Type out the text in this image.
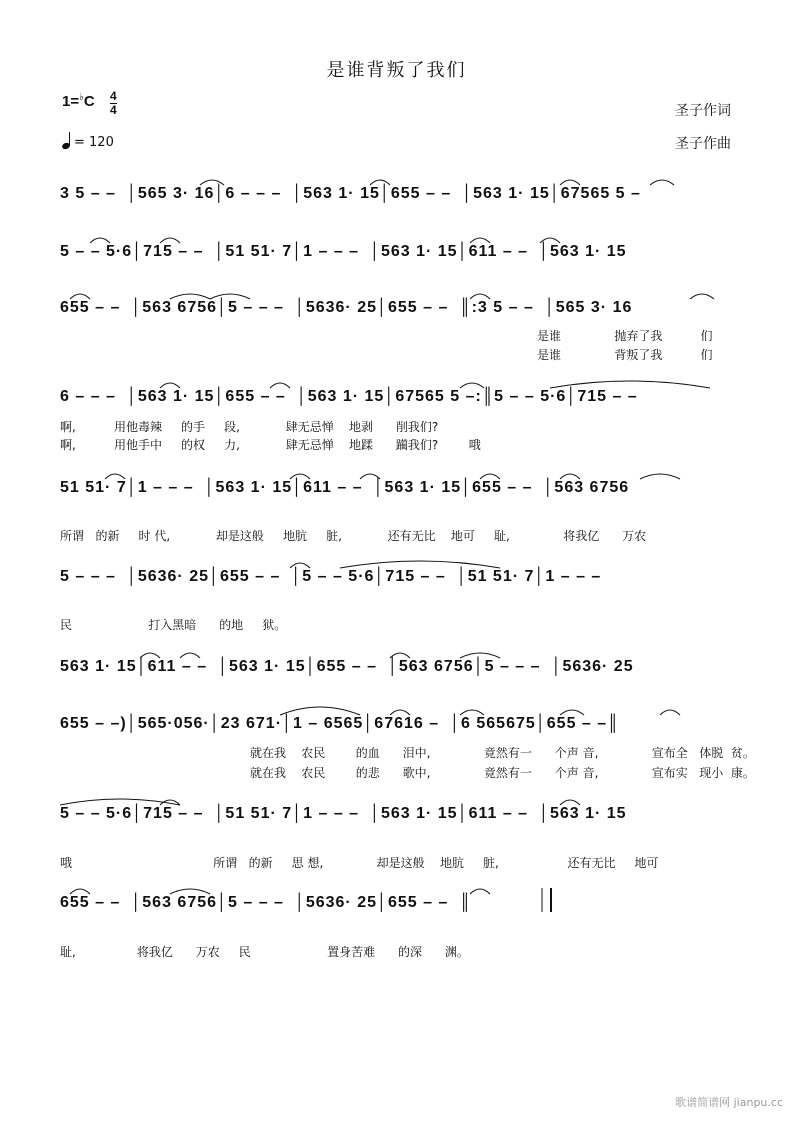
是谁背叛了我们
1=♭C 4
4
= 120
圣子作词
圣子作曲
3 5 – –  │565 3· 16│6 – – –  │563 1· 15│655 – –  │563 1· 15│67565 5 –
5 – – 5·6│715 – –  │51 51· 7│1 – – –  │563 1· 15│611 – –  │563 1· 15
655 – –  │563 6756│5 – – –  │5636· 25│655 – –  ║:3 5 – –  │565 3· 16
6 – – –  │563 1· 15│655 – –  │563 1· 15│67565 5 –:║5 – – 5·6│715 – –
51 51· 7│1 – – –  │563 1· 15│611 – –  │563 1· 15│655 – –  │563 6756
5 – – –  │5636· 25│655 – –  │5 – – 5·6│715 – –  │51 51· 7│1 – – –
563 1· 15│611 – –  │563 1· 15│655 – –  │563 6756│5 – – –  │5636· 25
655 – –)│565·056·│23 671·│1 – 6565│67616 –  │6 565675│655 – –║
5 – – 5·6│715 – –  │51 51· 7│1 – – –  │563 1· 15│611 – –  │563 1· 15
655 – –  │563 6756│5 – – –  │5636· 25│655 – –  ║
是谁              抛弃了我          们
是谁              背叛了我          们
啊,          用他毒辣     的手     段,            肆无忌惮    地剥      削我们?
啊,          用他手中     的权     力,            肆无忌惮    地蹂      躏我们?        哦
所谓   的新     时 代,            却是这般     地肮     脏,            还有无比    地可     耻,              将我亿      万农
民                    打入黑暗      的地     狱。
就在我    农民        的血      泪中,              竟然有一      个声 音,              宣布全   体脱  贫。
就在我    农民        的悲      歌中,              竟然有一      个声 音,              宣布实   现小  康。
哦                                     所谓   的新     思 想,              却是这般    地肮     脏,                  还有无比     地可
耻,                将我亿      万农     民                    置身苦难      的深      渊。
歌谱简谱网 jianpu.cc
